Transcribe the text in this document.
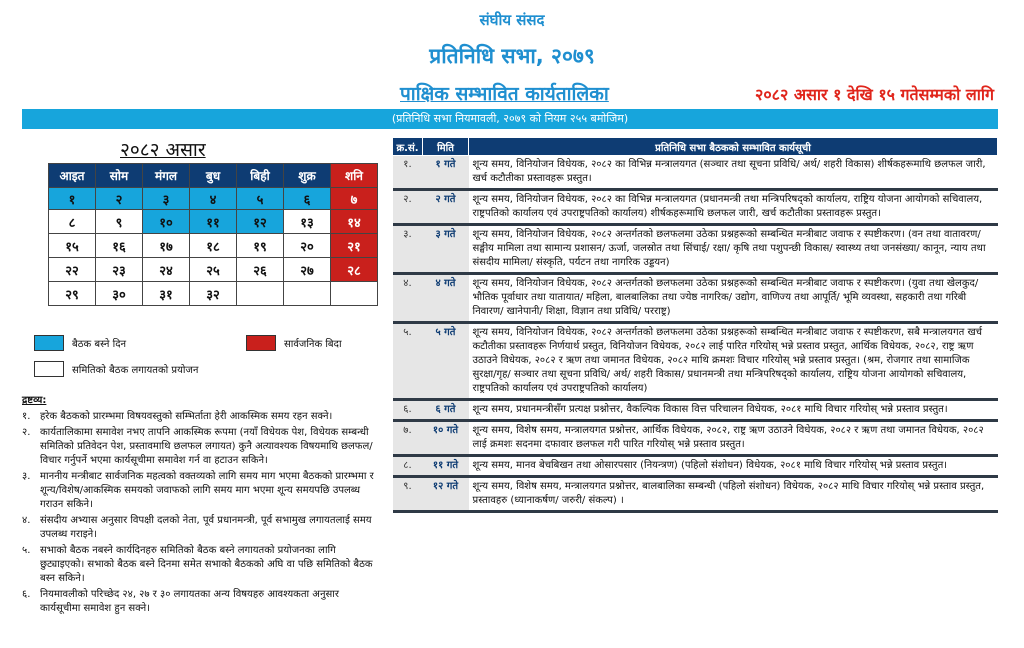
संघीय संसद
प्रतिनिधि सभा, २०७९
पाक्षिक सम्भावित कार्यतालिका	२०८२ असार १ देखि १५ गतेसम्मको लागि
(प्रतिनिधि सभा नियमावली, २०७९ को नियम २५५ बमोजिम)
२०८२ असार
आइत	सोम	मंगल	बुध	बिही	शुक्र	शनि
१	२	३	४	५	६	७
८	९	१०	११	१२	१३	१४
१५	१६	१७	१८	१९	२०	२१
२२	२३	२४	२५	२६	२७	२८
२९	३०	३१	३२			
बैठक बस्ने दिन	सार्वजनिक बिदा
समितिको बैठक लगायतको प्रयोजन
द्रष्टव्य:
१. हरेक बैठकको प्रारम्भमा विषयवस्तुको सम्भिर्ताता हेरी आकस्मिक समय रहन सक्ने।
२. कार्यतालिकामा समावेश नभए तापनि आकस्मिक रूपमा (नयाँ विधेयक पेश, विधेयक सम्बन्धी समितिको प्रतिवेदन पेश, प्रस्तावमाथि छलफल लगायत) कुनै अत्यावश्यक विषयमाथि छलफल/विचार गर्नुपर्ने भएमा कार्यसूचीमा समावेश गर्न वा हटाउन सकिने।
३. माननीय मन्त्रीबाट सार्वजनिक महत्वको वक्तव्यको लागि समय माग भएमा बैठकको प्रारम्भमा र शून्य/विशेष/आकस्मिक समयको जवाफको लागि समय माग भएमा शून्य समयपछि उपलब्ध गराउन सकिने।
४. संसदीय अभ्यास अनुसार विपक्षी दलको नेता, पूर्व प्रधानमन्त्री, पूर्व सभामुख लगायतलाई समय उपलब्ध गराइने।
५. सभाको बैठक नबस्ने कार्यदिनहरु समितिको बैठक बस्ने लगायतको प्रयोजनका लागि छुट्याइएको। सभाको बैठक बस्ने दिनमा समेत सभाको बैठकको अघि वा पछि समितिको बैठक बस्न सकिने।
६. नियमावलीको परिच्छेद २४, २७ र ३० लगायतका अन्य विषयहरु आवश्यकता अनुसार कार्यसूचीमा समावेश हुन सक्ने।
क्र.सं.	मिति	प्रतिनिधि सभा बैठकको सम्भावित कार्यसूची
१.	१ गते	शून्य समय, विनियोजन विधेयक, २०८२ का विभिन्न मन्त्रालयगत (सञ्चार तथा सूचना प्रविधि/ अर्थ/ शहरी विकास) शीर्षकहरूमाथि छलफल जारी, खर्च कटौतीका प्रस्तावहरू प्रस्तुत।
२.	२ गते	शून्य समय, विनियोजन विधेयक, २०८२ का विभिन्न मन्त्रालयगत (प्रधानमन्त्री तथा मन्त्रिपरिषद्को कार्यालय, राष्ट्रिय योजना आयोगको सचिवालय, राष्ट्रपतिको कार्यालय एवं उपराष्ट्रपतिको कार्यालय) शीर्षकहरूमाथि छलफल जारी, खर्च कटौतीका प्रस्तावहरू प्रस्तुत।
३.	३ गते	शून्य समय, विनियोजन विधेयक, २०८२ अन्तर्गतको छलफलमा उठेका प्रश्नहरूको सम्बन्धित मन्त्रीबाट जवाफ र स्पष्टीकरण। (वन तथा वातावरण/ सङ्घीय मामिला तथा सामान्य प्रशासन/ ऊर्जा, जलस्रोत तथा सिंचाई/ रक्षा/ कृषि तथा पशुपन्छी विकास/ स्वास्थ्य तथा जनसंख्या/ कानून, न्याय तथा संसदीय मामिला/ संस्कृति, पर्यटन तथा नागरिक उड्डयन)
४.	४ गते	शून्य समय, विनियोजन विधेयक, २०८२ अन्तर्गतको छलफलमा उठेका प्रश्नहरूको सम्बन्धित मन्त्रीबाट जवाफ र स्पष्टीकरण। (युवा तथा खेलकुद/ भौतिक पूर्वाधार तथा यातायात/ महिला, बालबालिका तथा ज्येष्ठ नागरिक/ उद्योग, वाणिज्य तथा आपूर्ति/ भूमि व्यवस्था, सहकारी तथा गरिबी निवारण/ खानेपानी/ शिक्षा, विज्ञान तथा प्रविधि/ परराष्ट्र)
५.	५ गते	शून्य समय, विनियोजन विधेयक, २०८२ अन्तर्गतको छलफलमा उठेका प्रश्नहरूको सम्बन्धित मन्त्रीबाट जवाफ र स्पष्टीकरण, सबै मन्त्रालयगत खर्च कटौतीका प्रस्तावहरू निर्णयार्थ प्रस्तुत, विनियोजन विधेयक, २०८२ लाई पारित गरियोस् भन्ने प्रस्ताव प्रस्तुत, आर्थिक विधेयक, २०८२, राष्ट्र ऋण उठाउने विधेयक, २०८२ र ऋण तथा जमानत विधेयक, २०८२ माथि क्रमशः विचार गरियोस् भन्ने प्रस्ताव प्रस्तुत। (श्रम, रोजगार तथा सामाजिक सुरक्षा/गृह/ सञ्चार तथा सूचना प्रविधि/ अर्थ/ शहरी विकास/ प्रधानमन्त्री तथा मन्त्रिपरिषद्को कार्यालय, राष्ट्रिय योजना आयोगको सचिवालय, राष्ट्रपतिको कार्यालय एवं उपराष्ट्रपतिको कार्यालय)
६.	६ गते	शून्य समय, प्रधानमन्त्रीसँग प्रत्यक्ष प्रश्नोत्तर, वैकल्पिक विकास वित्त परिचालन विधेयक, २०८१ माथि विचार गरियोस् भन्ने प्रस्ताव प्रस्तुत।
७.	१० गते	शून्य समय, विशेष समय, मन्त्रालयगत प्रश्नोत्तर, आर्थिक विधेयक, २०८२, राष्ट्र ऋण उठाउने विधेयक, २०८२ र ऋण तथा जमानत विधेयक, २०८२ लाई क्रमशः सदनमा दफावार छलफल गरी पारित गरियोस् भन्ने प्रस्ताव प्रस्तुत।
८.	११ गते	शून्य समय, मानव बेचबिखन तथा ओसारपसार (नियन्त्रण) (पहिलो संशोधन) विधेयक, २०८१ माथि विचार गरियोस् भन्ने प्रस्ताव प्रस्तुत।
९.	१२ गते	शून्य समय, विशेष समय, मन्त्रालयगत प्रश्नोत्तर, बालबालिका सम्बन्धी (पहिलो संशोधन) विधेयक, २०८२ माथि विचार गरियोस् भन्ने प्रस्ताव प्रस्तुत, प्रस्तावहरु (ध्यानाकर्षण/ जरुरी/ संकल्प) ।
